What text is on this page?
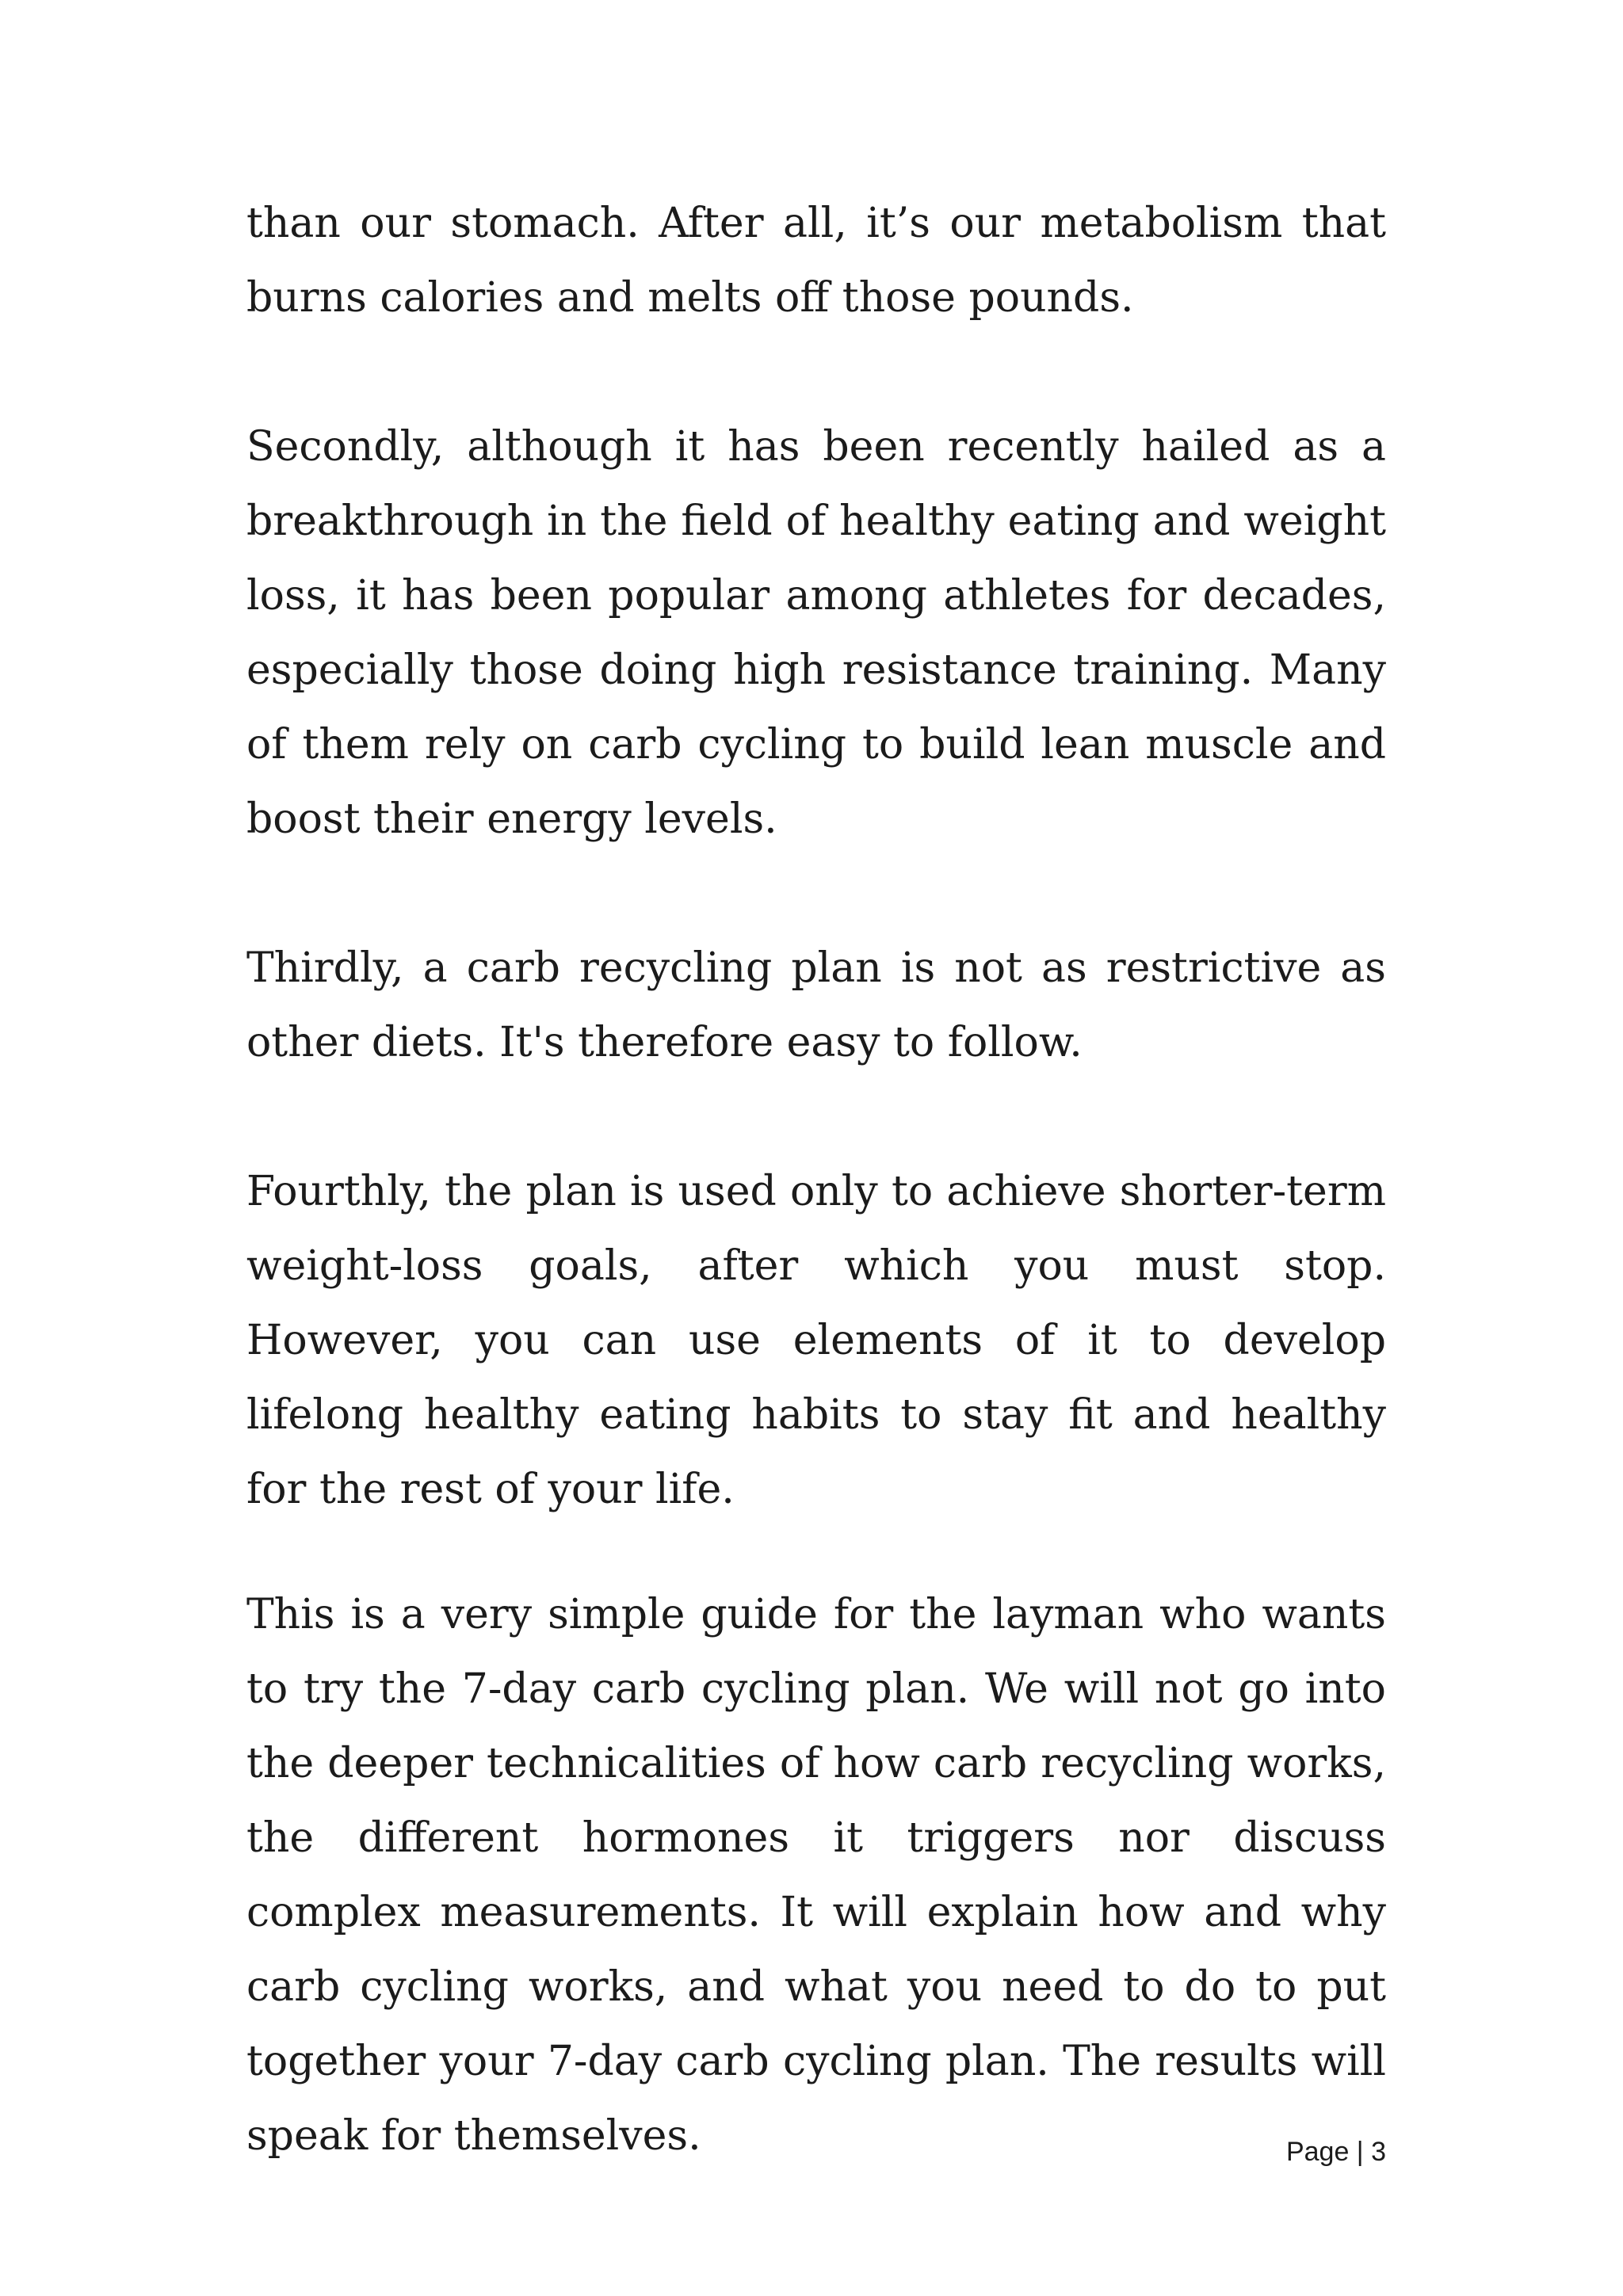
than our stomach. After all, it’s our metabolism that burns calories and melts off those pounds.

Secondly, although it has been recently hailed as a breakthrough in the field of healthy eating and weight loss, it has been popular among athletes for decades, especially those doing high resistance training. Many of them rely on carb cycling to build lean muscle and boost their energy levels.

Thirdly, a carb recycling plan is not as restrictive as other diets. It's therefore easy to follow.

Fourthly, the plan is used only to achieve shorter-term weight-loss goals, after which you must stop. However, you can use elements of it to develop lifelong healthy eating habits to stay fit and healthy for the rest of your life.

This is a very simple guide for the layman who wants to try the 7-day carb cycling plan. We will not go into the deeper technicalities of how carb recycling works, the different hormones it triggers nor discuss complex measurements. It will explain how and why carb cycling works, and what you need to do to put together your 7-day carb cycling plan. The results will speak for themselves.	Page | 3
